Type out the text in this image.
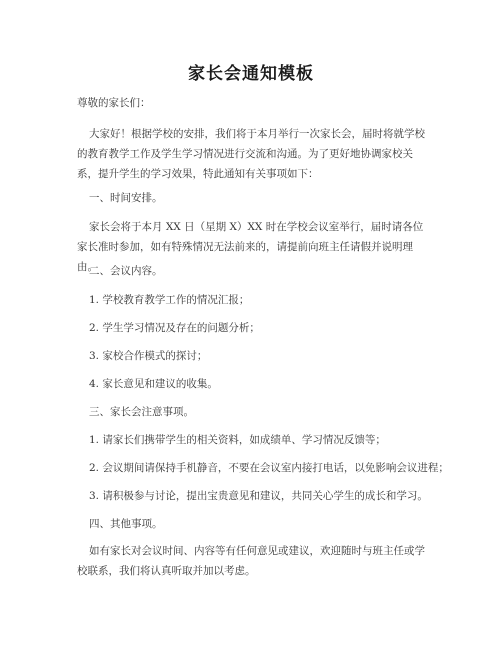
家长会通知模板
尊敬的家长们：

大家好！根据学校的安排，我们将于本月举行一次家长会，届时将就学校的教育教学工作及学生学习情况进行交流和沟通。为了更好地协调家校关系，提升学生的学习效果，特此通知有关事项如下：

一、时间安排。

家长会将于本月 XX 日（星期 X）XX 时在学校会议室举行，届时请各位家长准时参加，如有特殊情况无法前来的，请提前向班主任请假并说明理由。

二、会议内容。
1. 学校教育教学工作的情况汇报；
2. 学生学习情况及存在的问题分析；
3. 家校合作模式的探讨；
4. 家长意见和建议的收集。
三、家长会注意事项。
1. 请家长们携带学生的相关资料，如成绩单、学习情况反馈等；
2. 会议期间请保持手机静音，不要在会议室内接打电话，以免影响会议进程；
3. 请积极参与讨论，提出宝贵意见和建议，共同关心学生的成长和学习。
四、其他事项。

如有家长对会议时间、内容等有任何意见或建议，欢迎随时与班主任或学校联系，我们将认真听取并加以考虑。
